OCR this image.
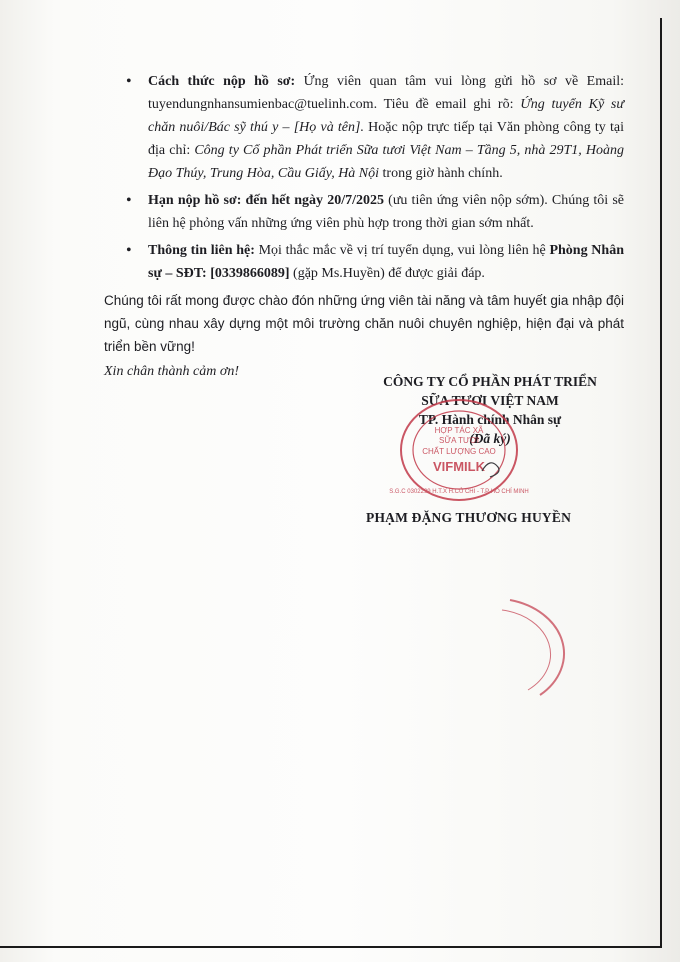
• Cách thức nộp hồ sơ: Ứng viên quan tâm vui lòng gửi hồ sơ về Email: tuyendungnhansumienbac@tuelinh.com. Tiêu đề email ghi rõ: Ứng tuyển Kỹ sư chăn nuôi/Bác sỹ thú y – [Họ và tên]. Hoặc nộp trực tiếp tại Văn phòng công ty tại địa chỉ: Công ty Cổ phần Phát triển Sữa tươi Việt Nam – Tầng 5, nhà 29T1, Hoàng Đạo Thúy, Trung Hòa, Cầu Giấy, Hà Nội trong giờ hành chính.
• Hạn nộp hồ sơ: đến hết ngày 20/7/2025 (ưu tiên ứng viên nộp sớm). Chúng tôi sẽ liên hệ phỏng vấn những ứng viên phù hợp trong thời gian sớm nhất.
• Thông tin liên hệ: Mọi thắc mắc về vị trí tuyển dụng, vui lòng liên hệ Phòng Nhân sự – SĐT: [0339866089] (gặp Ms.Huyền) để được giải đáp.

Chúng tôi rất mong được chào đón những ứng viên tài năng và tâm huyết gia nhập đội ngũ, cùng nhau xây dựng một môi trường chăn nuôi chuyên nghiệp, hiện đại và phát triển bền vững!

Xin chân thành cảm ơn!

CÔNG TY CỔ PHẦN PHÁT TRIỂN
SỮA TƯƠI VIỆT NAM
TP. Hành chính Nhân sự
(Đã ký)
HỢP TÁC XÃ
SỮA TƯƠI
CHẤT LƯỢNG CAO
VIFMILK
S.G.C 0302299 H.T.X H.CỦ CHI - T.P HỒ CHÍ MINH
PHẠM ĐẶNG THƯƠNG HUYỀN
